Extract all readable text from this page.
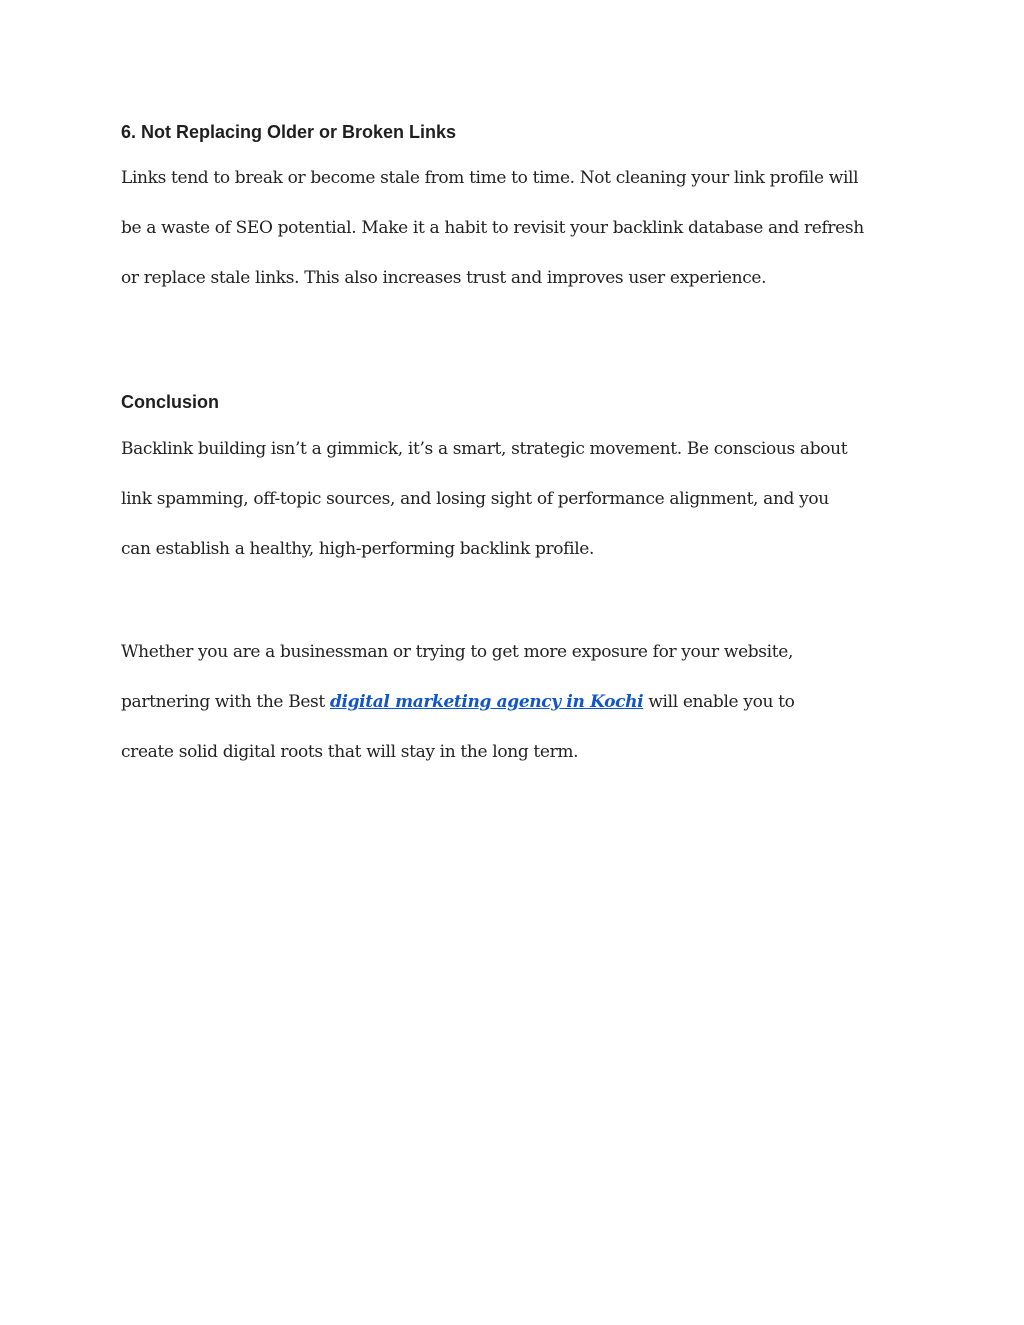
6. Not Replacing Older or Broken Links

Links tend to break or become stale from time to time. Not cleaning your link profile will

be a waste of SEO potential. Make it a habit to revisit your backlink database and refresh

or replace stale links. This also increases trust and improves user experience.

Conclusion

Backlink building isn’t a gimmick, it’s a smart, strategic movement. Be conscious about

link spamming, off-topic sources, and losing sight of performance alignment, and you

can establish a healthy, high-performing backlink profile.

Whether you are a businessman or trying to get more exposure for your website,

partnering with the Best digital marketing agency in Kochi will enable you to

create solid digital roots that will stay in the long term.
